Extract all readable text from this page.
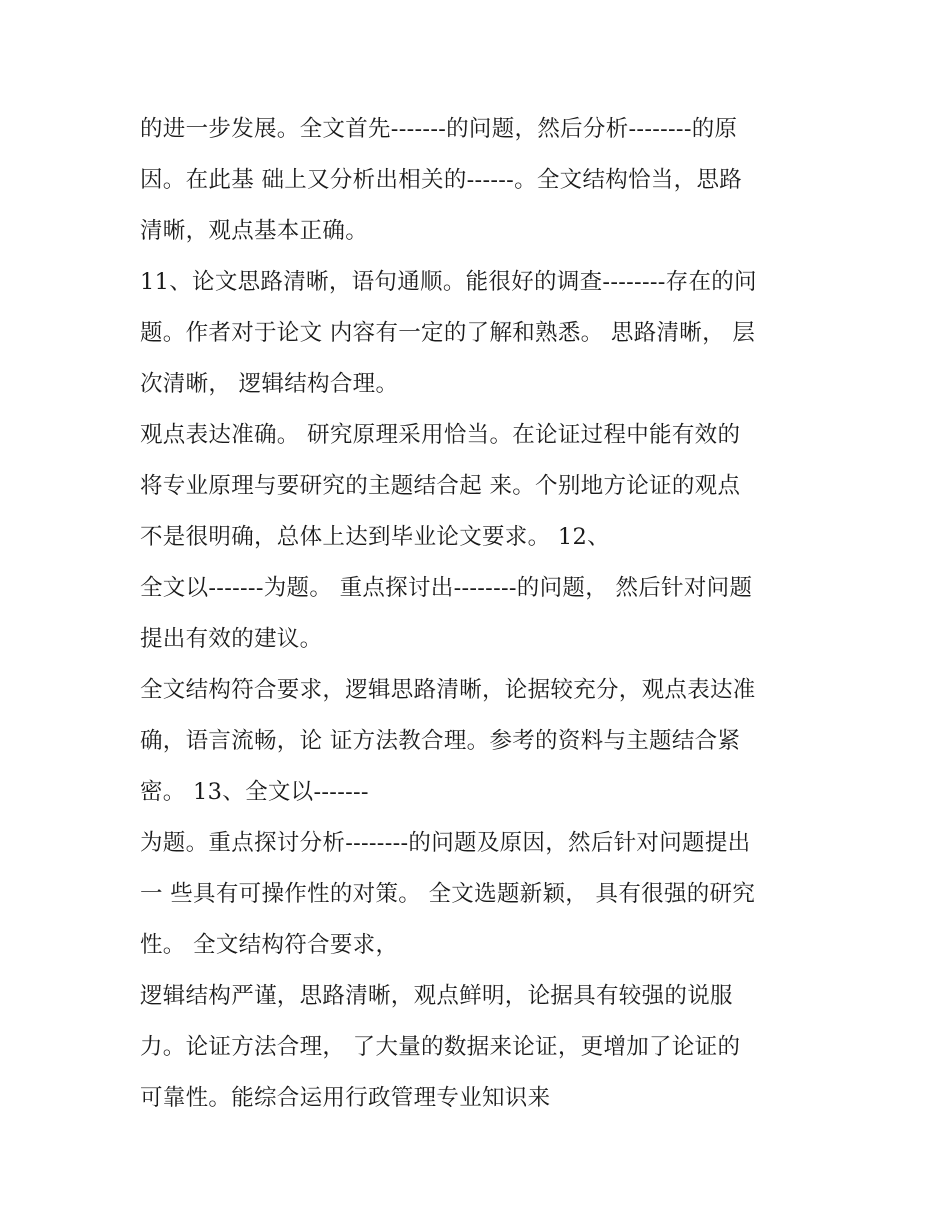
的进一步发展。全文首先-------的问题，然后分析--------的原
因。在此基 础上又分析出相关的------。全文结构恰当，思路
清晰，观点基本正确。
11、论文思路清晰，语句通顺。能很好的调查--------存在的问
题。作者对于论文 内容有一定的了解和熟悉。 思路清晰， 层
次清晰， 逻辑结构合理。
观点表达准确。 研究原理采用恰当。在论证过程中能有效的
将专业原理与要研究的主题结合起 来。个别地方论证的观点
不是很明确，总体上达到毕业论文要求。 12、
全文以-------为题。 重点探讨出--------的问题， 然后针对问题
提出有效的建议。
全文结构符合要求，逻辑思路清晰，论据较充分，观点表达准
确，语言流畅，论 证方法教合理。参考的资料与主题结合紧
密。 13、全文以-------
为题。重点探讨分析--------的问题及原因，然后针对问题提出
一 些具有可操作性的对策。 全文选题新颖， 具有很强的研究
性。 全文结构符合要求，
逻辑结构严谨，思路清晰，观点鲜明，论据具有较强的说服
力。论证方法合理， 了大量的数据来论证，更增加了论证的
可靠性。能综合运用行政管理专业知识来
